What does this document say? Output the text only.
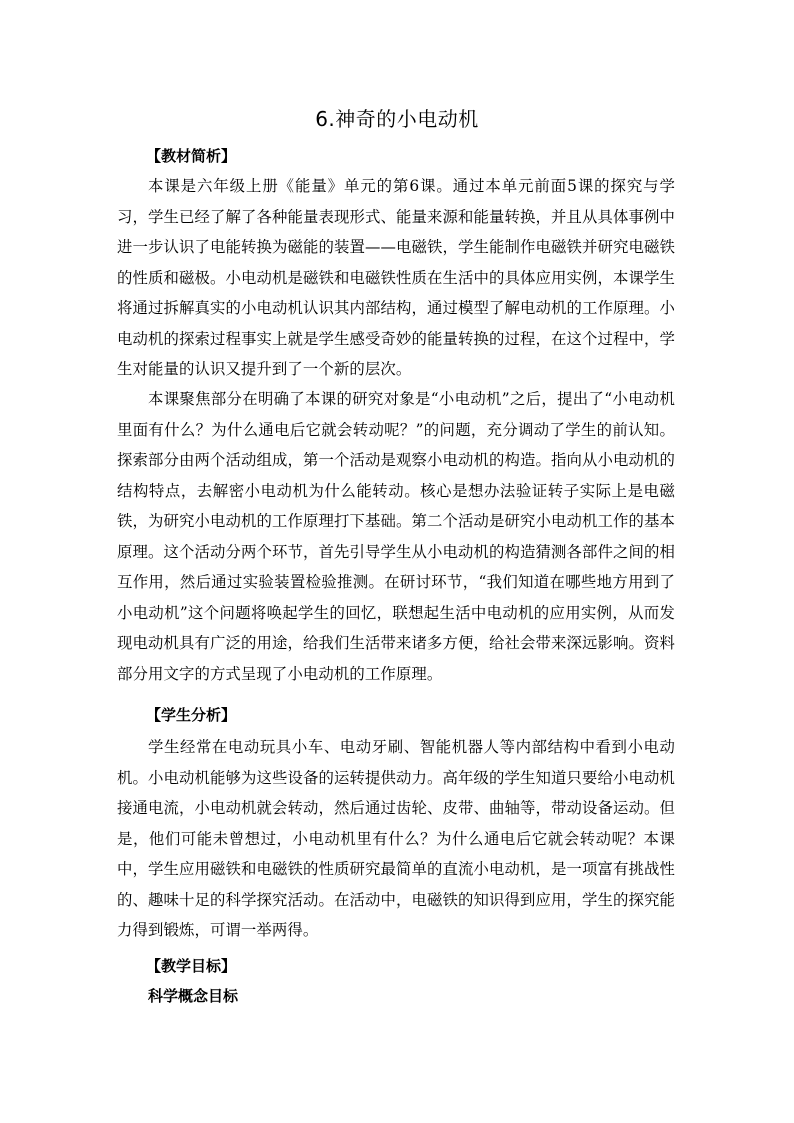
6.神奇的小电动机
【教材简析】

本课是六年级上册《能量》单元的第6课。通过本单元前面5课的探究与学习，学生已经了解了各种能量表现形式、能量来源和能量转换，并且从具体事例中进一步认识了电能转换为磁能的装置——电磁铁，学生能制作电磁铁并研究电磁铁的性质和磁极。小电动机是磁铁和电磁铁性质在生活中的具体应用实例，本课学生将通过拆解真实的小电动机认识其内部结构，通过模型了解电动机的工作原理。小电动机的探索过程事实上就是学生感受奇妙的能量转换的过程，在这个过程中，学生对能量的认识又提升到了一个新的层次。

本课聚焦部分在明确了本课的研究对象是“小电动机”之后，提出了“小电动机里面有什么？为什么通电后它就会转动呢？”的问题，充分调动了学生的前认知。探索部分由两个活动组成，第一个活动是观察小电动机的构造。指向从小电动机的结构特点，去解密小电动机为什么能转动。核心是想办法验证转子实际上是电磁铁，为研究小电动机的工作原理打下基础。第二个活动是研究小电动机工作的基本原理。这个活动分两个环节，首先引导学生从小电动机的构造猜测各部件之间的相互作用，然后通过实验装置检验推测。在研讨环节，“我们知道在哪些地方用到了小电动机”这个问题将唤起学生的回忆，联想起生活中电动机的应用实例，从而发现电动机具有广泛的用途，给我们生活带来诸多方便，给社会带来深远影响。资料部分用文字的方式呈现了小电动机的工作原理。

【学生分析】

学生经常在电动玩具小车、电动牙刷、智能机器人等内部结构中看到小电动机。小电动机能够为这些设备的运转提供动力。高年级的学生知道只要给小电动机接通电流，小电动机就会转动，然后通过齿轮、皮带、曲轴等，带动设备运动。但是，他们可能未曾想过，小电动机里有什么？为什么通电后它就会转动呢？本课中，学生应用磁铁和电磁铁的性质研究最简单的直流小电动机，是一项富有挑战性的、趣味十足的科学探究活动。在活动中，电磁铁的知识得到应用，学生的探究能力得到锻炼，可谓一举两得。

【教学目标】
科学概念目标
